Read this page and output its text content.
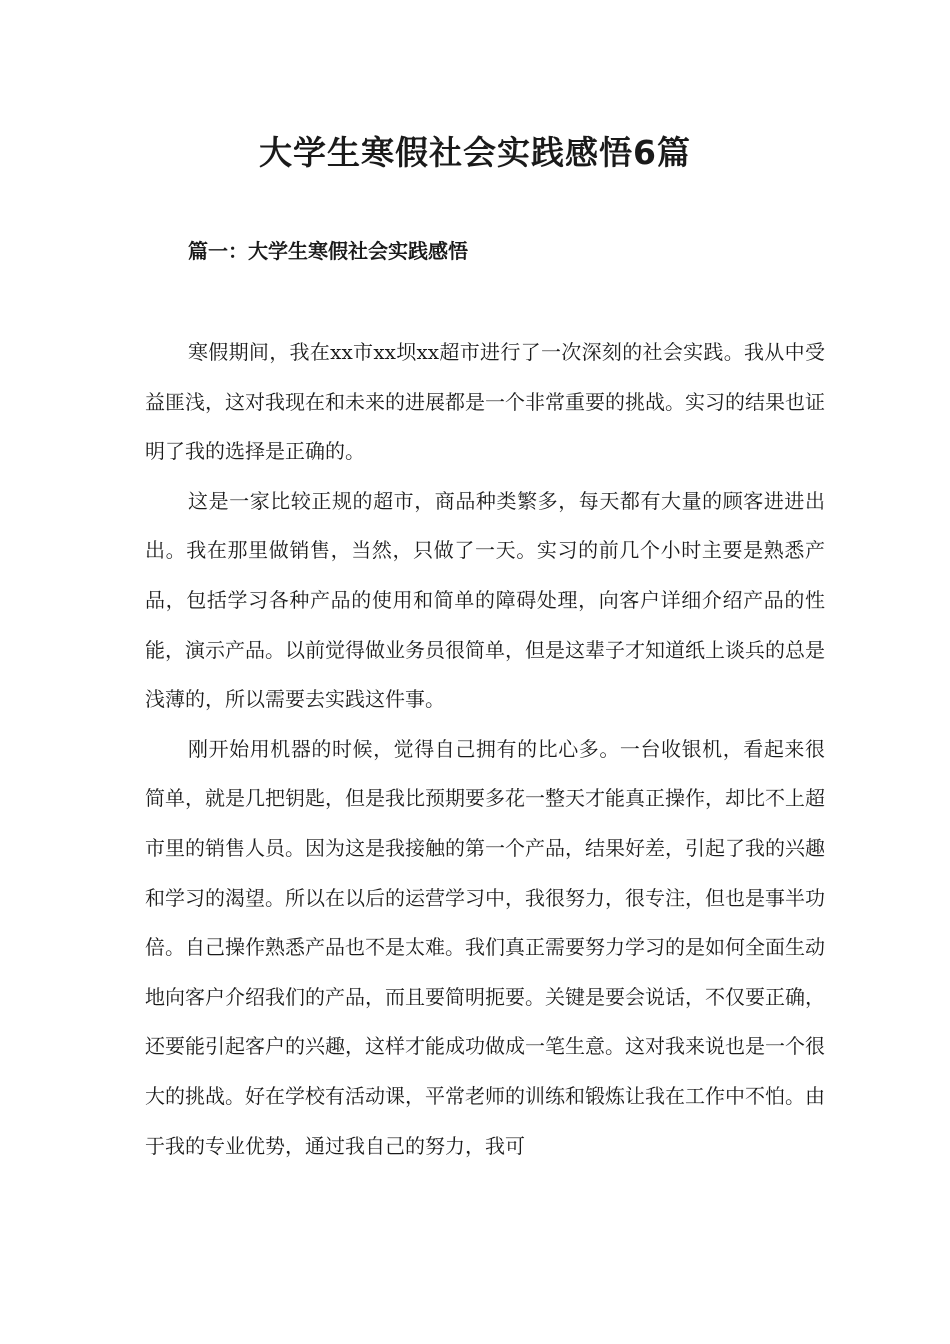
大学生寒假社会实践感悟6篇
篇一：大学生寒假社会实践感悟

寒假期间，我在xx市xx坝xx超市进行了一次深刻的社会实践。我从中受益匪浅，这对我现在和未来的进展都是一个非常重要的挑战。实习的结果也证明了我的选择是正确的。

这是一家比较正规的超市，商品种类繁多，每天都有大量的顾客进进出出。我在那里做销售，当然，只做了一天。实习的前几个小时主要是熟悉产品，包括学习各种产品的使用和简单的障碍处理，向客户详细介绍产品的性能，演示产品。以前觉得做业务员很简单，但是这辈子才知道纸上谈兵的总是浅薄的，所以需要去实践这件事。

刚开始用机器的时候，觉得自己拥有的比心多。一台收银机，看起来很简单，就是几把钥匙，但是我比预期要多花一整天才能真正操作，却比不上超市里的销售人员。因为这是我接触的第一个产品，结果好差，引起了我的兴趣和学习的渴望。所以在以后的运营学习中，我很努力，很专注，但也是事半功倍。自己操作熟悉产品也不是太难。我们真正需要努力学习的是如何全面生动地向客户介绍我们的产品，而且要简明扼要。关键是要会说话，不仅要正确，还要能引起客户的兴趣，这样才能成功做成一笔生意。这对我来说也是一个很大的挑战。好在学校有活动课，平常老师的训练和锻炼让我在工作中不怕。由于我的专业优势，通过我自己的努力，我可
